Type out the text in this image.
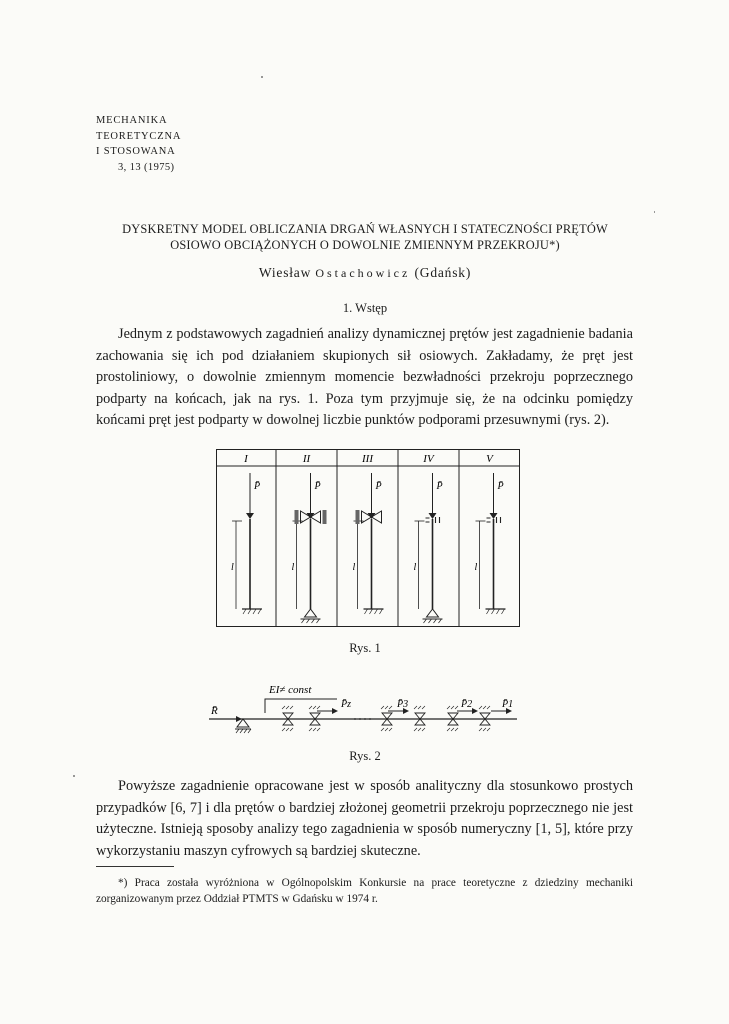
MECHANIKA
TEORETYCZNA
I STOSOWANA
3, 13 (1975)
DYSKRETNY MODEL OBLICZANIA DRGAŃ WŁASNYCH I STATECZNOŚCI PRĘTÓW
OSIOWO OBCIĄŻONYCH O DOWOLNIE ZMIENNYM PRZEKROJU*)
Wiesław Ostachowicz (Gdańsk)
1. Wstęp
Jednym z podstawowych zagadnień analizy dynamicznej prętów jest zagadnienie badania zachowania się ich pod działaniem skupionych sił osiowych. Zakładamy, że pręt jest prostoliniowy, o dowolnie zmiennym momencie bezwładności przekroju poprzecznego podparty na końcach, jak na rys. 1. Poza tym przyjmuje się, że na odcinku pomiędzy końcami pręt jest podparty w dowolnej liczbie punktów podporami przesuwnymi (rys. 2).
I	II	III	IV	V
P̄
l
P̄
l
P̄
l
P̄
l
P̄
l
Rys. 1
EI≠ const
R̄
P̄z	P̄3	P̄2	P̄1
Rys. 2
Powyższe zagadnienie opracowane jest w sposób analityczny dla stosunkowo prostych przypadków [6, 7] i dla prętów o bardziej złożonej geometrii przekroju poprzecznego nie jest użyteczne. Istnieją sposoby analizy tego zagadnienia w sposób numeryczny [1, 5], które przy wykorzystaniu maszyn cyfrowych są bardziej skuteczne.
*) Praca została wyróżniona w Ogólnopolskim Konkursie na prace teoretyczne z dziedziny mechaniki zorganizowanym przez Oddział PTMTS w Gdańsku w 1974 r.
